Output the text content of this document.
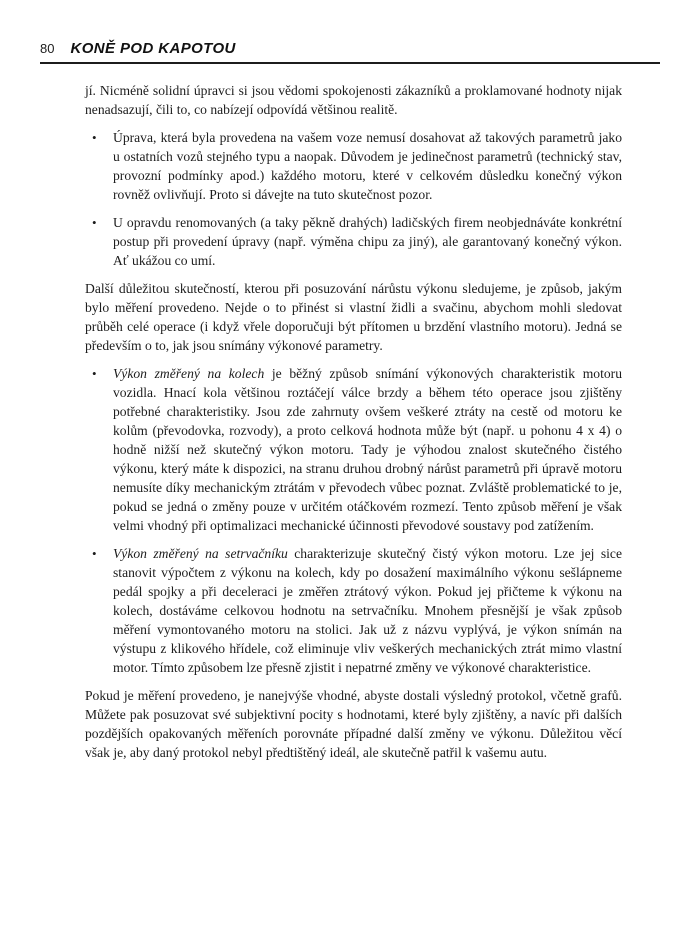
80 KONĚ POD KAPOTOU

jí. Nicméně solidní úpravci si jsou vědomi spokojenosti zákazníků a proklamované hodnoty nijak nenadsazují, čili to, co nabízejí odpovídá většinou realitě.

•	Úprava, která byla provedena na vašem voze nemusí dosahovat až takových parametrů jako u ostatních vozů stejného typu a naopak. Důvodem je jedinečnost parametrů (technický stav, provozní podmínky apod.) každého motoru, které v celkovém důsledku konečný výkon rovněž ovlivňují. Proto si dávejte na tuto skutečnost pozor.
•	U opravdu renomovaných (a taky pěkně drahých) ladičských firem neobjednáváte konkrétní postup při provedení úpravy (např. výměna chipu za jiný), ale garantovaný konečný výkon. Ať ukážou co umí.

Další důležitou skutečností, kterou při posuzování nárůstu výkonu sledujeme, je způsob, jakým bylo měření provedeno. Nejde o to přinést si vlastní židli a svačinu, abychom mohli sledovat průběh celé operace (i když vřele doporučuji být přítomen u brzdění vlastního motoru). Jedná se především o to, jak jsou snímány výkonové parametry.

•	Výkon změřený na kolech je běžný způsob snímání výkonových charakteristik motoru vozidla. Hnací kola většinou roztáčejí válce brzdy a během této operace jsou zjištěny potřebné charakteristiky. Jsou zde zahrnuty ovšem veškeré ztráty na cestě od motoru ke kolům (převodovka, rozvody), a proto celková hodnota může být (např. u pohonu 4 x 4) o hodně nižší než skutečný výkon motoru. Tady je výhodou znalost skutečného čistého výkonu, který máte k dispozici, na stranu druhou drobný nárůst parametrů při úpravě motoru nemusíte díky mechanickým ztrátám v převodech vůbec poznat. Zvláště problematické to je, pokud se jedná o změny pouze v určitém otáčkovém rozmezí. Tento způsob měření je však velmi vhodný při optimalizaci mechanické účinnosti převodové soustavy pod zatížením.
•	Výkon změřený na setrvačníku charakterizuje skutečný čistý výkon motoru. Lze jej sice stanovit výpočtem z výkonu na kolech, kdy po dosažení maximálního výkonu sešlápneme pedál spojky a při deceleraci je změřen ztrátový výkon. Pokud jej přičteme k výkonu na kolech, dostáváme celkovou hodnotu na setrvačníku. Mnohem přesnější je však způsob měření vymontovaného motoru na stolici. Jak už z názvu vyplývá, je výkon snímán na výstupu z klikového hřídele, což eliminuje vliv veškerých mechanických ztrát mimo vlastní motor. Tímto způsobem lze přesně zjistit i nepatrné změny ve výkonové charakteristice.

Pokud je měření provedeno, je nanejvýše vhodné, abyste dostali výsledný protokol, včetně grafů. Můžete pak posuzovat své subjektivní pocity s hodnotami, které byly zjištěny, a navíc při dalších pozdějších opakovaných měřeních porovnáte případné další změny ve výkonu. Důležitou věcí však je, aby daný protokol nebyl předtištěný ideál, ale skutečně patřil k vašemu autu.
